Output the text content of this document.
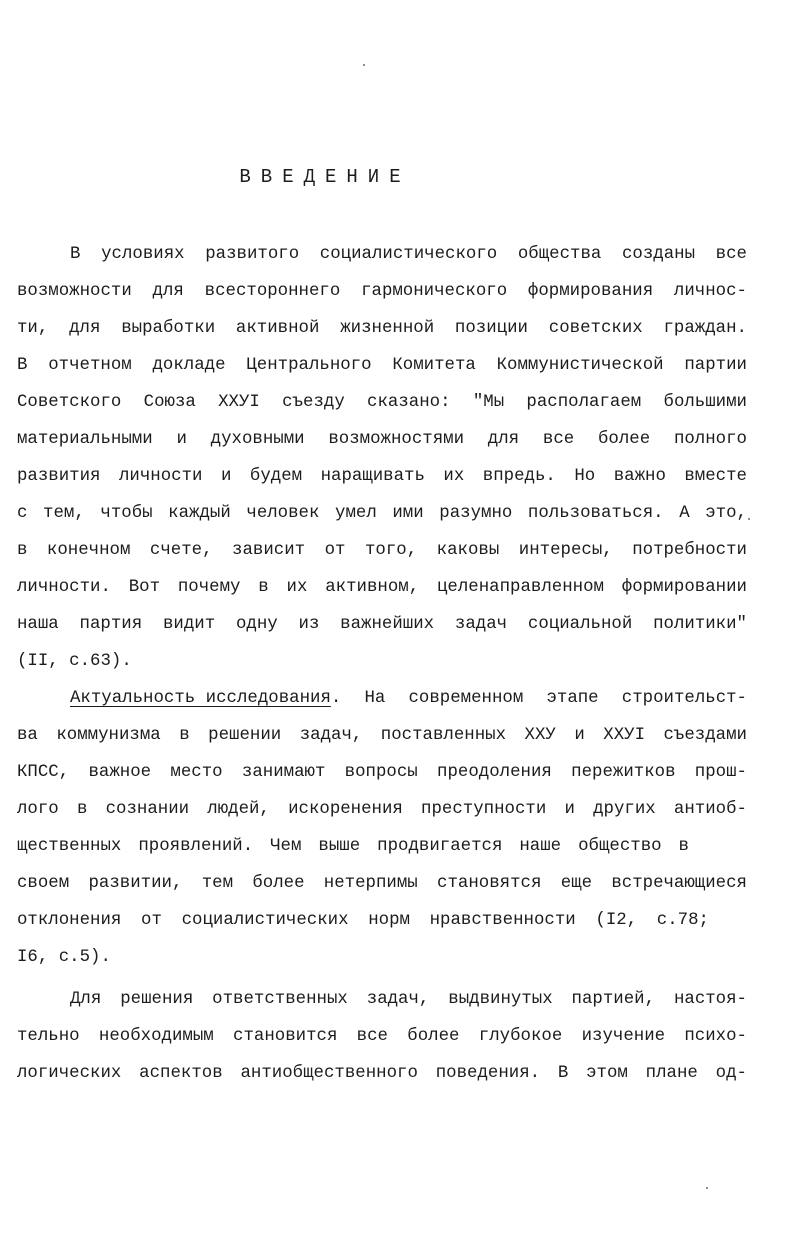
ВВЕДЕНИЕ
В условиях развитого социалистического общества созданы все
возможности для всестороннего гармонического формирования личнос-
ти, для выработки активной жизненной позиции советских граждан.
В отчетном докладе Центрального Комитета Коммунистической партии
Советского Союза ХХУI съезду сказано: "Мы располагаем большими
материальными и духовными возможностями для все более полного
развития личности и будем наращивать их впредь. Но важно вместе
с тем, чтобы каждый человек умел ими разумно пользоваться. А это,
в конечном счете, зависит от того, каковы интересы, потребности
личности. Вот почему в их активном, целенаправленном формировании
наша партия видит одну из важнейших задач социальной политики"
(II, с.63).
Актуальность исследования . На современном этапе строительст-
ва коммунизма в решении задач, поставленных ХХУ и ХХУI съездами
КПСС, важное место занимают вопросы преодоления пережитков прош-
лого в сознании людей, искоренения преступности и других антиоб-
щественных проявлений. Чем выше продвигается наше общество в
своем развитии, тем более нетерпимы становятся еще встречающиеся
отклонения от социалистических норм нравственности (I2, с.78;
I6, с.5).
Для решения ответственных задач, выдвинутых партией, настоя-
тельно необходимым становится все более глубокое изучение психо-
логических аспектов антиобщественного поведения. В этом плане од-
